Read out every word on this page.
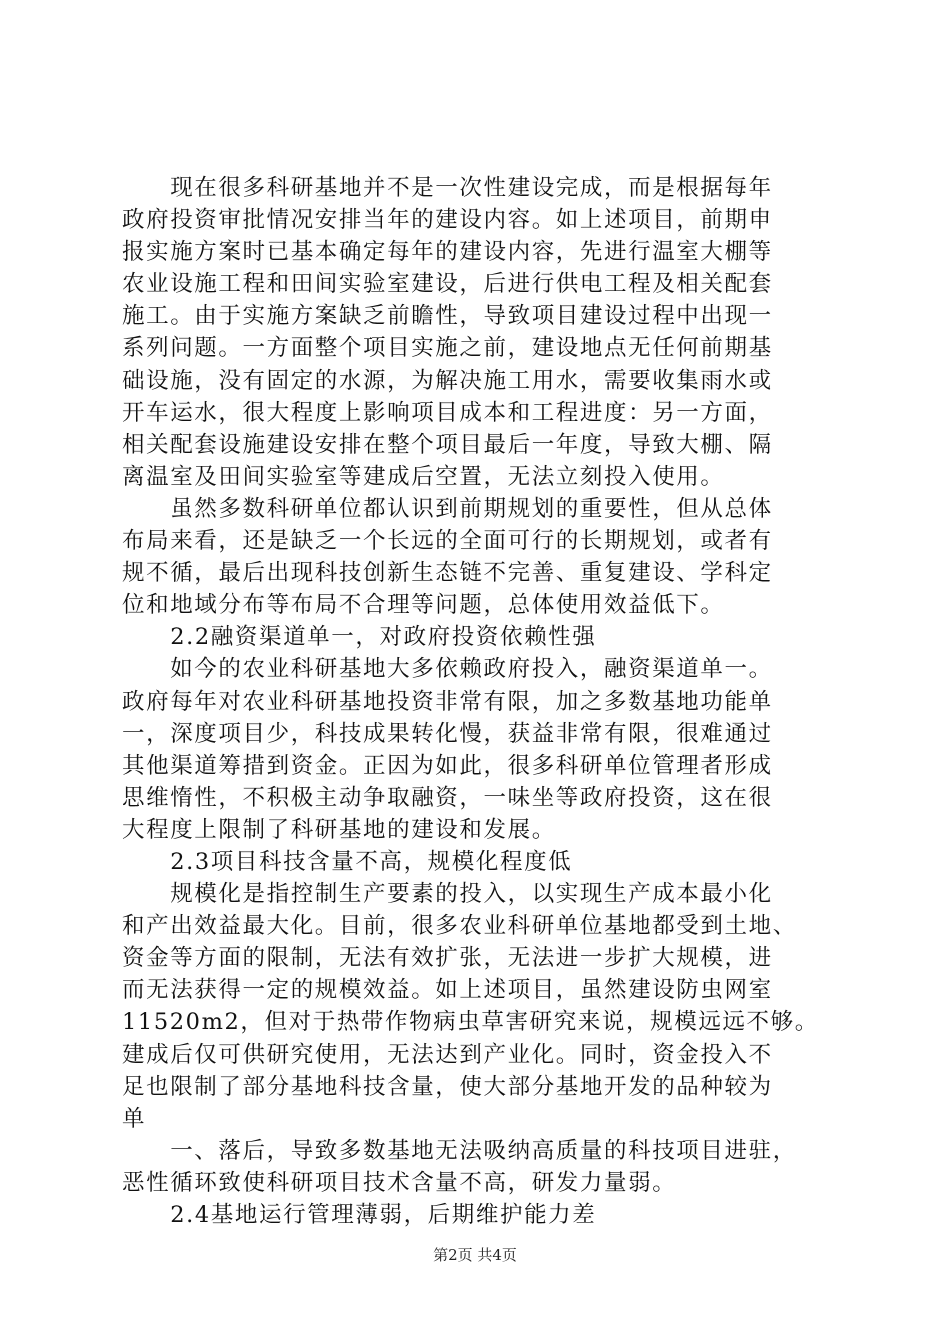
　　现在很多科研基地并不是一次性建设完成，而是根据每年
政府投资审批情况安排当年的建设内容。如上述项目，前期申
报实施方案时已基本确定每年的建设内容，先进行温室大棚等
农业设施工程和田间实验室建设，后进行供电工程及相关配套
施工。由于实施方案缺乏前瞻性，导致项目建设过程中出现一
系列问题。一方面整个项目实施之前，建设地点无任何前期基
础设施，没有固定的水源，为解决施工用水，需要收集雨水或
开车运水，很大程度上影响项目成本和工程进度：另一方面，
相关配套设施建设安排在整个项目最后一年度，导致大棚、隔
离温室及田间实验室等建成后空置，无法立刻投入使用。
　　虽然多数科研单位都认识到前期规划的重要性，但从总体
布局来看，还是缺乏一个长远的全面可行的长期规划，或者有
规不循，最后出现科技创新生态链不完善、重复建设、学科定
位和地域分布等布局不合理等问题，总体使用效益低下。
　　2.2融资渠道单一，对政府投资依赖性强
　　如今的农业科研基地大多依赖政府投入，融资渠道单一。
政府每年对农业科研基地投资非常有限，加之多数基地功能单
一，深度项目少，科技成果转化慢，获益非常有限，很难通过
其他渠道筹措到资金。正因为如此，很多科研单位管理者形成
思维惰性，不积极主动争取融资，一味坐等政府投资，这在很
大程度上限制了科研基地的建设和发展。
　　2.3项目科技含量不高，规模化程度低
　　规模化是指控制生产要素的投入，以实现生产成本最小化
和产出效益最大化。目前，很多农业科研单位基地都受到土地、
资金等方面的限制，无法有效扩张，无法进一步扩大规模，进
而无法获得一定的规模效益。如上述项目，虽然建设防虫网室
11520m2，但对于热带作物病虫草害研究来说，规模远远不够。
建成后仅可供研究使用，无法达到产业化。同时，资金投入不
足也限制了部分基地科技含量，使大部分基地开发的品种较为
单
　　一、落后，导致多数基地无法吸纳高质量的科技项目进驻，
恶性循环致使科研项目技术含量不高，研发力量弱。
　　2.4基地运行管理薄弱，后期维护能力差
第2页 共4页
